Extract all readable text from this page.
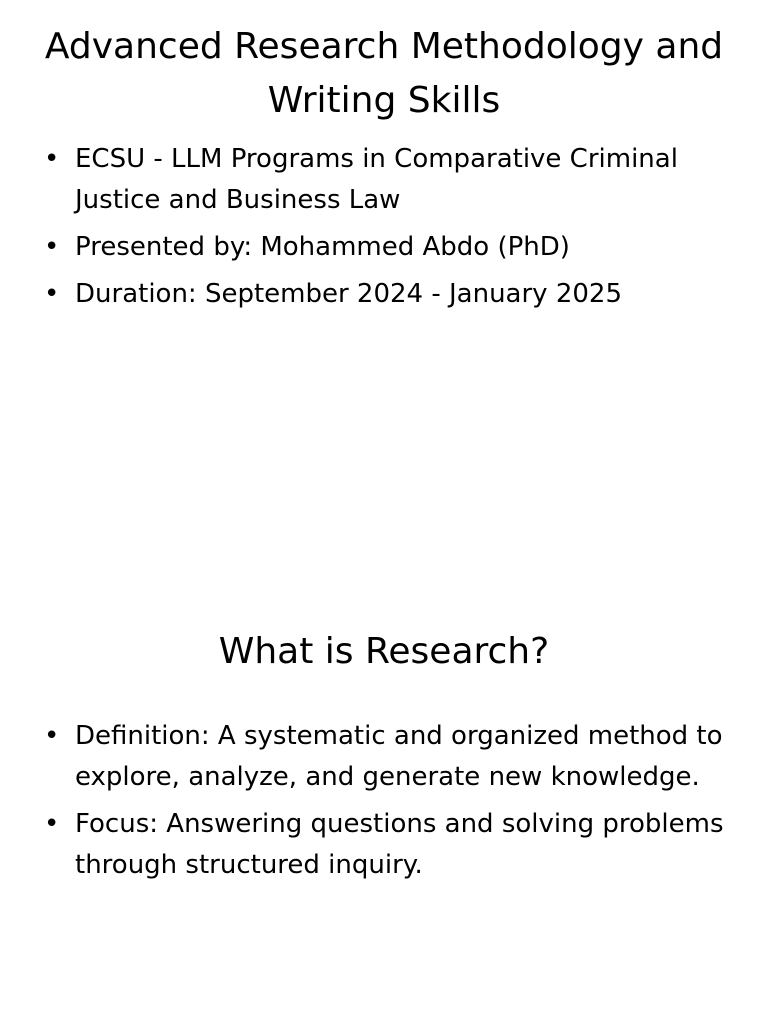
Advanced Research Methodology and Writing Skills
• ECSU - LLM Programs in Comparative Criminal Justice and Business Law
• Presented by: Mohammed Abdo (PhD)
• Duration: September 2024 - January 2025
What is Research?
• Definition: A systematic and organized method to explore, analyze, and generate new knowledge.
• Focus: Answering questions and solving problems through structured inquiry.
